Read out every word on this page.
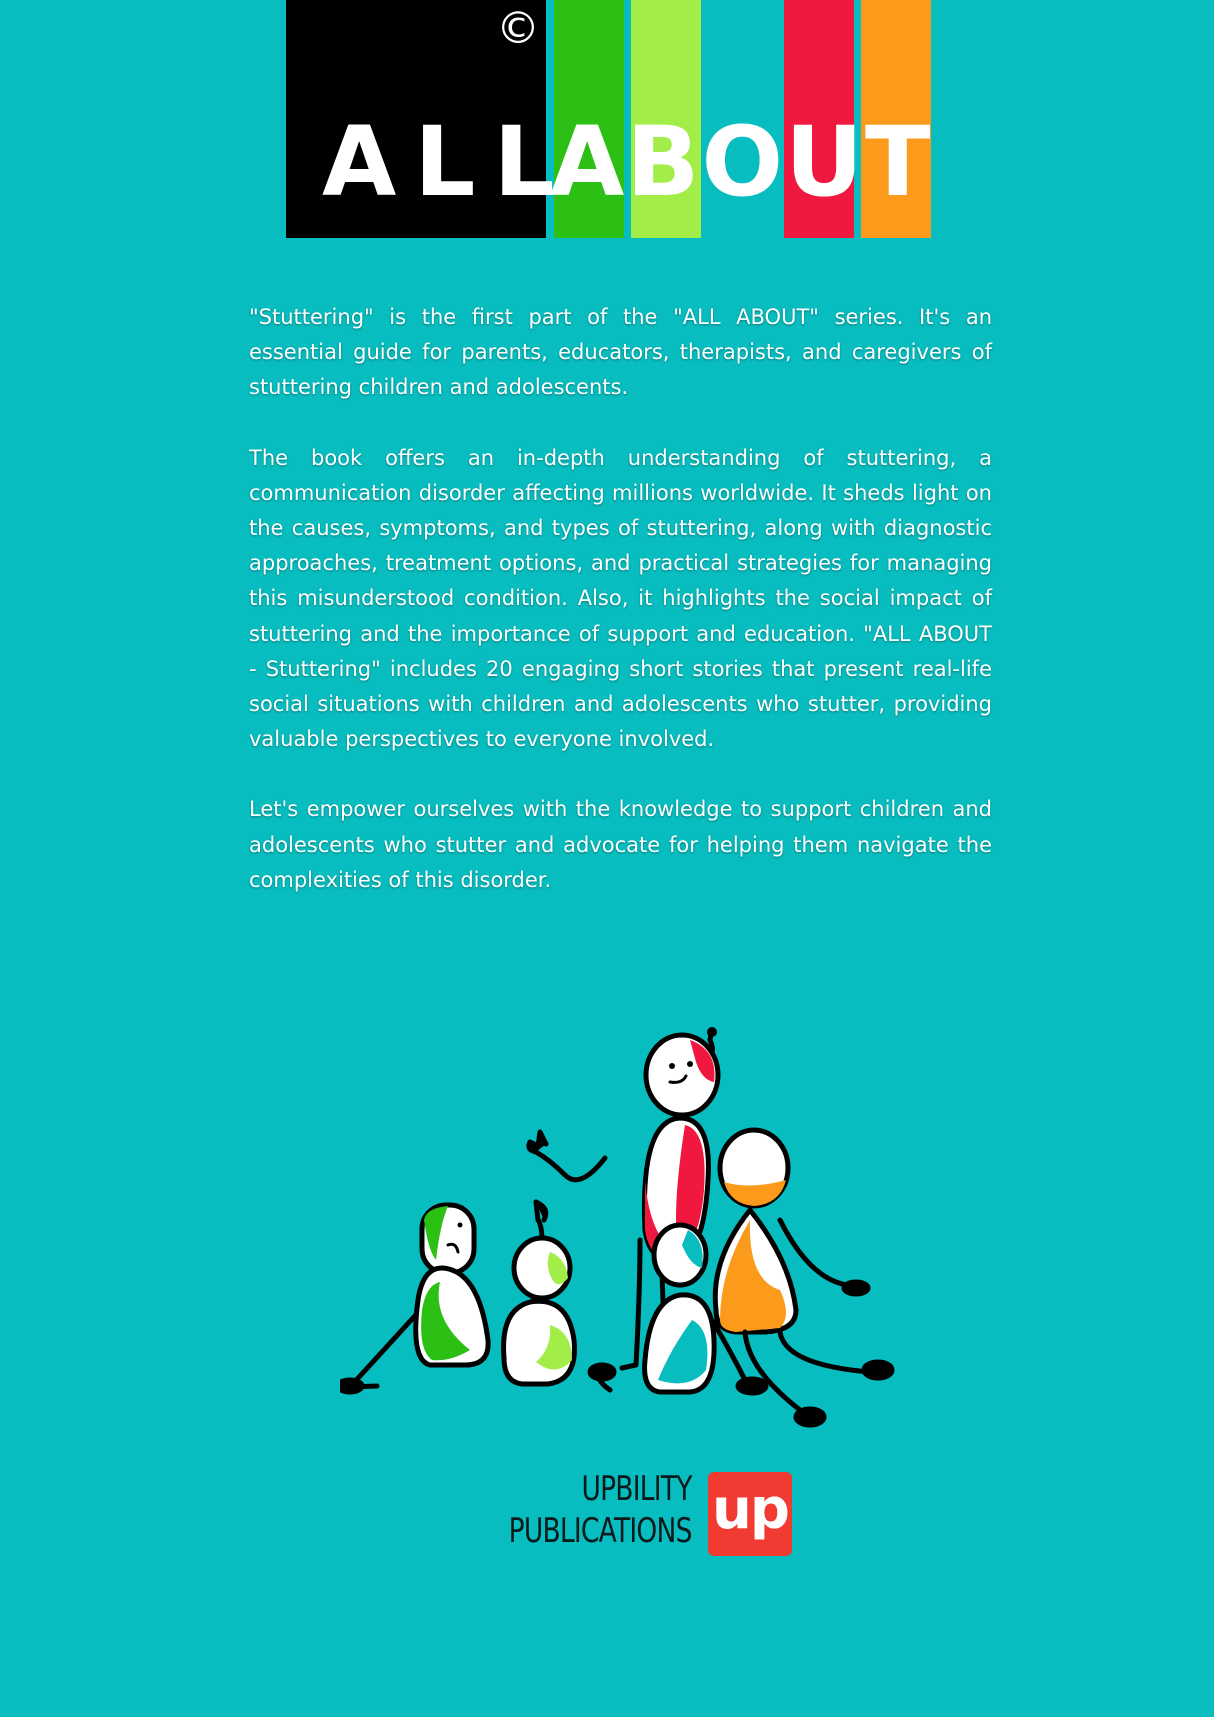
©
ALL
ABOUT

"Stuttering" is the first part of the "ALL ABOUT" series. It's an essential guide for parents, educators, therapists, and caregivers of stuttering children and adolescents.

The book offers an in-depth understanding of stuttering, a communication disorder affecting millions worldwide. It sheds light on the causes, symptoms, and types of stuttering, along with diagnostic approaches, treatment options, and practical strategies for managing this misunderstood condition. Also, it highlights the social impact of stuttering and the importance of support and education. "ALL ABOUT - Stuttering" includes 20 engaging short stories that present real-life social situations with children and adolescents who stutter, providing valuable perspectives to everyone involved.

Let's empower ourselves with the knowledge to support children and adolescents who stutter and advocate for helping them navigate the complexities of this disorder.

UPBILITY
PUBLICATIONS up
